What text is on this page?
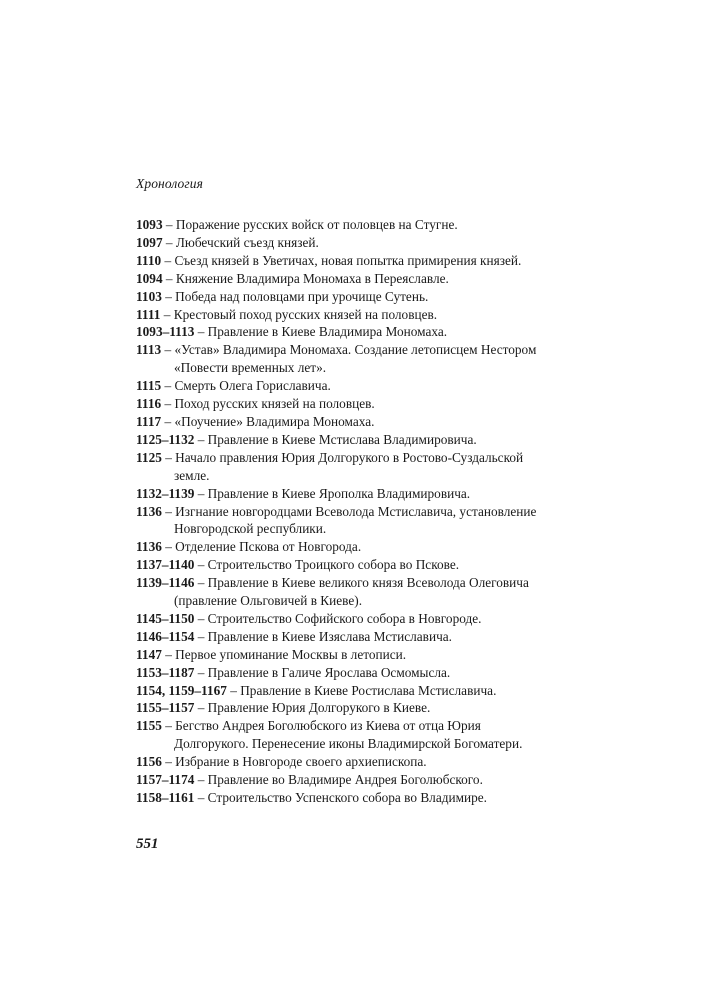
Хронология
1093 – Поражение русских войск от половцев на Стугне.
1097 – Любечский съезд князей.
1110 – Съезд князей в Уветичах, новая попытка примирения князей.
1094 – Княжение Владимира Мономаха в Переяславле.
1103 – Победа над половцами при урочище Сутень.
1111 – Крестовый поход русских князей на половцев.
1093–1113 – Правление в Киеве Владимира Мономаха.
1113 – «Устав» Владимира Мономаха. Создание летописцем Нестором «Повести временных лет».
1115 – Смерть Олега Гориславича.
1116 – Поход русских князей на половцев.
1117 – «Поучение» Владимира Мономаха.
1125–1132 – Правление в Киеве Мстислава Владимировича.
1125 – Начало правления Юрия Долгорукого в Ростово-Суздальской земле.
1132–1139 – Правление в Киеве Ярополка Владимировича.
1136 – Изгнание новгородцами Всеволода Мстиславича, установление Новгородской республики.
1136 – Отделение Пскова от Новгорода.
1137–1140 – Строительство Троицкого собора во Пскове.
1139–1146 – Правление в Киеве великого князя Всеволода Олеговича (правление Ольговичей в Киеве).
1145–1150 – Строительство Софийского собора в Новгороде.
1146–1154 – Правление в Киеве Изяслава Мстиславича.
1147 – Первое упоминание Москвы в летописи.
1153–1187 – Правление в Галиче Ярослава Осмомысла.
1154, 1159–1167 – Правление в Киеве Ростислава Мстиславича.
1155–1157 – Правление Юрия Долгорукого в Киеве.
1155 – Бегство Андрея Боголюбского из Киева от отца Юрия Долгорукого. Перенесение иконы Владимирской Богоматери.
1156 – Избрание в Новгороде своего архиепископа.
1157–1174 – Правление во Владимире Андрея Боголюбского.
1158–1161 – Строительство Успенского собора во Владимире.
551
